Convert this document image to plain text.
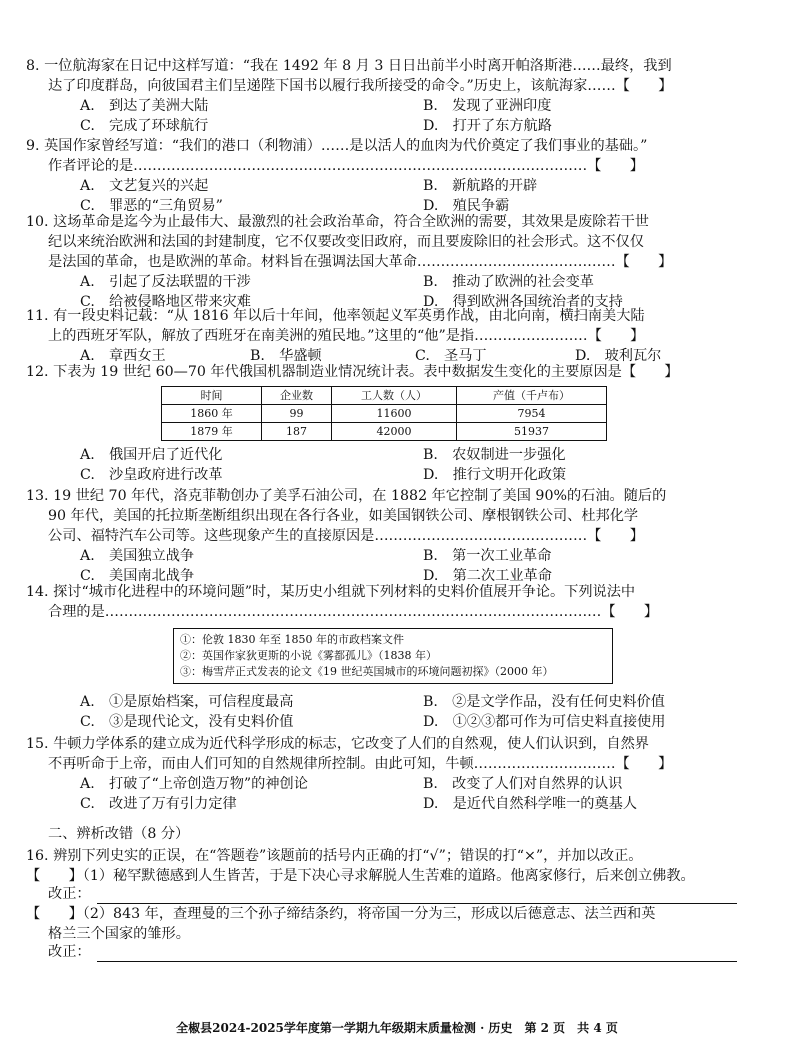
8. 一位航海家在日记中这样写道：“我在 1492 年 8 月 3 日日出前半小时离开帕洛斯港……最终，我到
达了印度群岛，向彼国君主们呈递陛下国书以履行我所接受的命令。”历史上，该航海家……【　　】
A.　到达了美洲大陆	B.　发现了亚洲印度
C.　完成了环球航行	D.　打开了东方航路
9. 英国作家曾经写道：“我们的港口（利物浦）……是以活人的血肉为代价奠定了我们事业的基础。”
作者评论的是……………………………………………………………………………………【　　】
A.　文艺复兴的兴起	B.　新航路的开辟
C.　罪恶的“三角贸易”	D.　殖民争霸
10. 这场革命是迄今为止最伟大、最激烈的社会政治革命，符合全欧洲的需要，其效果是废除若干世
纪以来统治欧洲和法国的封建制度，它不仅要改变旧政府，而且要废除旧的社会形式。这不仅仅
是法国的革命，也是欧洲的革命。材料旨在强调法国大革命……………………………………【　　】
A.　引起了反法联盟的干涉	B.　推动了欧洲的社会变革
C.　给被侵略地区带来灾难	D.　得到欧洲各国统治者的支持
11. 有一段史料记载：“从 1816 年以后十年间，他率领起义军英勇作战，由北向南，横扫南美大陆
上的西班牙军队，解放了西班牙在南美洲的殖民地。”这里的“他”是指……………………【　　】
A.　章西女王	B.　华盛顿	C.　圣马丁	D.　玻利瓦尔
12. 下表为 19 世纪 60—70 年代俄国机器制造业情况统计表。表中数据发生变化的主要原因是【　　】
时间	企业数	工人数（人）	产值（千卢布）
1860 年	99	11600	7954
1879 年	187	42000	51937
A.　俄国开启了近代化	B.　农奴制进一步强化
C.　沙皇政府进行改革	D.　推行文明开化政策
13. 19 世纪 70 年代，洛克菲勒创办了美孚石油公司，在 1882 年它控制了美国 90%的石油。随后的
90 年代，美国的托拉斯垄断组织出现在各行各业，如美国钢铁公司、摩根钢铁公司、杜邦化学
公司、福特汽车公司等。这些现象产生的直接原因是………………………………………【　　】
A.　美国独立战争	B.　第一次工业革命
C.　美国南北战争	D.　第二次工业革命
14. 探讨“城市化进程中的环境问题”时，某历史小组就下列材料的史料价值展开争论。下列说法中
合理的是……………………………………………………………………………………………【　　】
①：伦敦 1830 年至 1850 年的市政档案文件
②：英国作家狄更斯的小说《雾都孤儿》（1838 年）
③：梅雪芹正式发表的论文《19 世纪英国城市的环境问题初探》（2000 年）
A.　①是原始档案，可信程度最高	B.　②是文学作品，没有任何史料价值
C.　③是现代论文，没有史料价值	D.　①②③都可作为可信史料直接使用
15. 牛顿力学体系的建立成为近代科学形成的标志，它改变了人们的自然观，使人们认识到，自然界
不再听命于上帝，而由人们可知的自然规律所控制。由此可知，牛顿…………………………【　　】
A.　打破了“上帝创造万物”的神创论	B.　改变了人们对自然界的认识
C.　改进了万有引力定律	D.　是近代自然科学唯一的奠基人
二、辨析改错（8 分）
16. 辨别下列史实的正误，在“答题卷”该题前的括号内正确的打“√”；错误的打“×”，并加以改正。
【　　】（1）秘罕默德感到人生皆苦，于是下决心寻求解脱人生苦难的道路。他离家修行，后来创立佛教。
改正：
【　　】（2）843 年，查理曼的三个孙子缔结条约，将帝国一分为三，形成以后德意志、法兰西和英
格兰三个国家的雏形。
改正：
全椒县2024-2025学年度第一学期九年级期末质量检测 · 历史　第 2 页　共 4 页
